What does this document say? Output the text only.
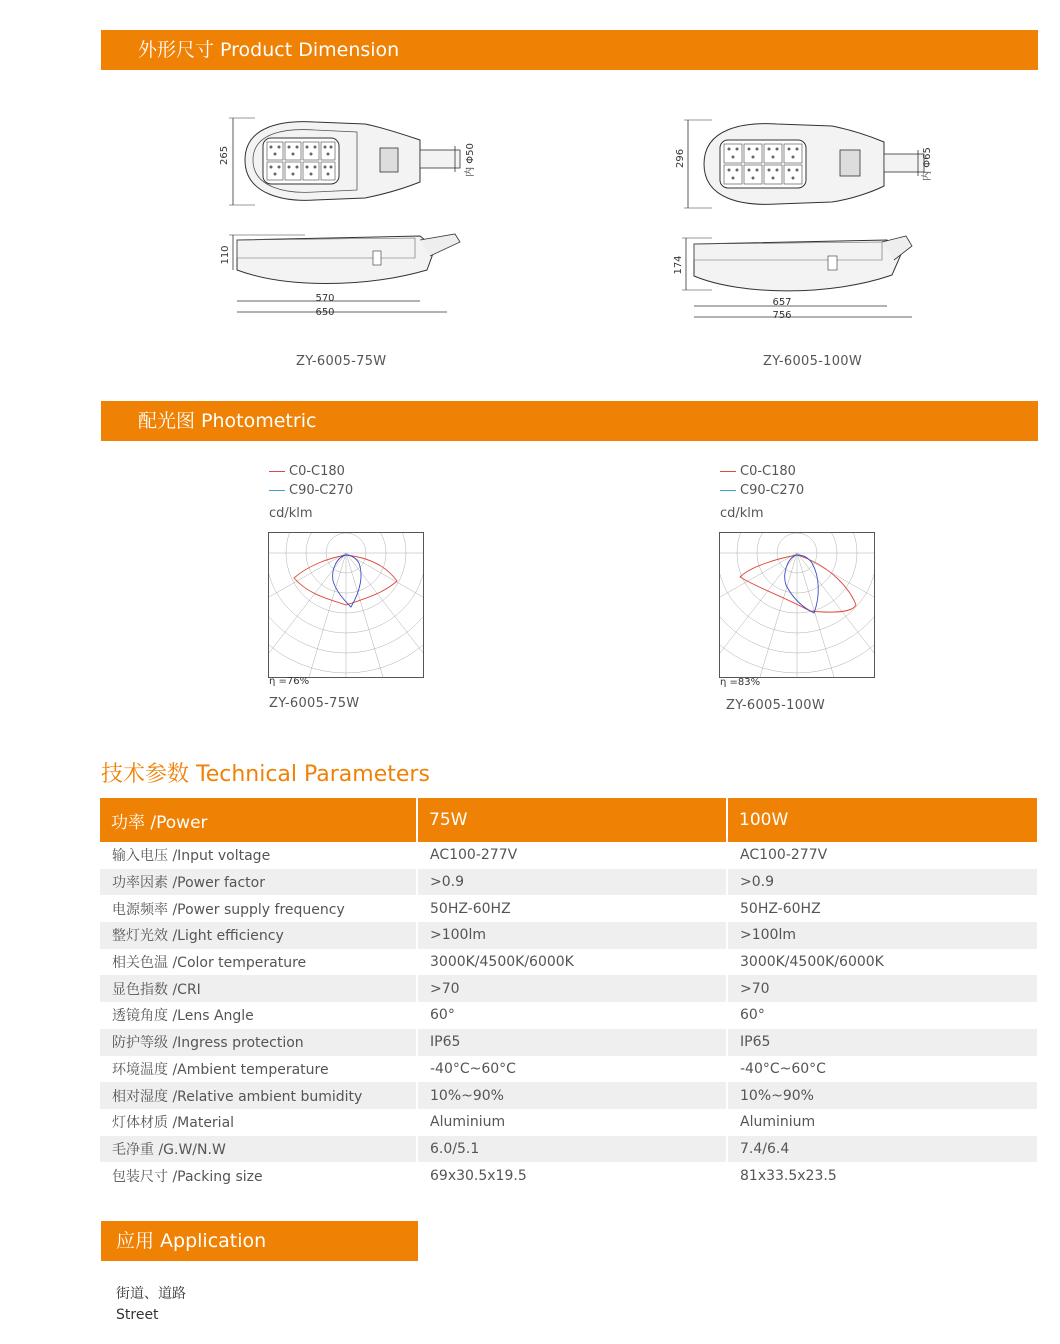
外形尺寸 Product Dimension
265	内 Φ50
110
570
650
ZY-6005-75W
296	内 Φ65
174
657
756
ZY-6005-100W
配光图 Photometric
C0-C180
C90-C270
cd/klm
η =76%
ZY-6005-75W
C0-C180
C90-C270
cd/klm
η =83%
ZY-6005-100W
技术参数 Technical Parameters
功率 /Power	75W	100W
输入电压 /Input voltage	AC100-277V	AC100-277V
功率因素 /Power factor	>0.9	>0.9
电源频率 /Power supply frequency	50HZ-60HZ	50HZ-60HZ
整灯光效 /Light efficiency	>100lm	>100lm
相关色温 /Color temperature	3000K/4500K/6000K	3000K/4500K/6000K
显色指数 /CRI	>70	>70
透镜角度 /Lens Angle	60°	60°
防护等级 /Ingress protection	IP65	IP65
环境温度 /Ambient temperature	-40°C~60°C	-40°C~60°C
相对湿度 /Relative ambient bumidity	10%~90%	10%~90%
灯体材质 /Material	Aluminium	Aluminium
毛净重 /G.W/N.W	6.0/5.1	7.4/6.4
包装尺寸 /Packing size	69x30.5x19.5	81x33.5x23.5
应用 Application
街道、道路
Street
